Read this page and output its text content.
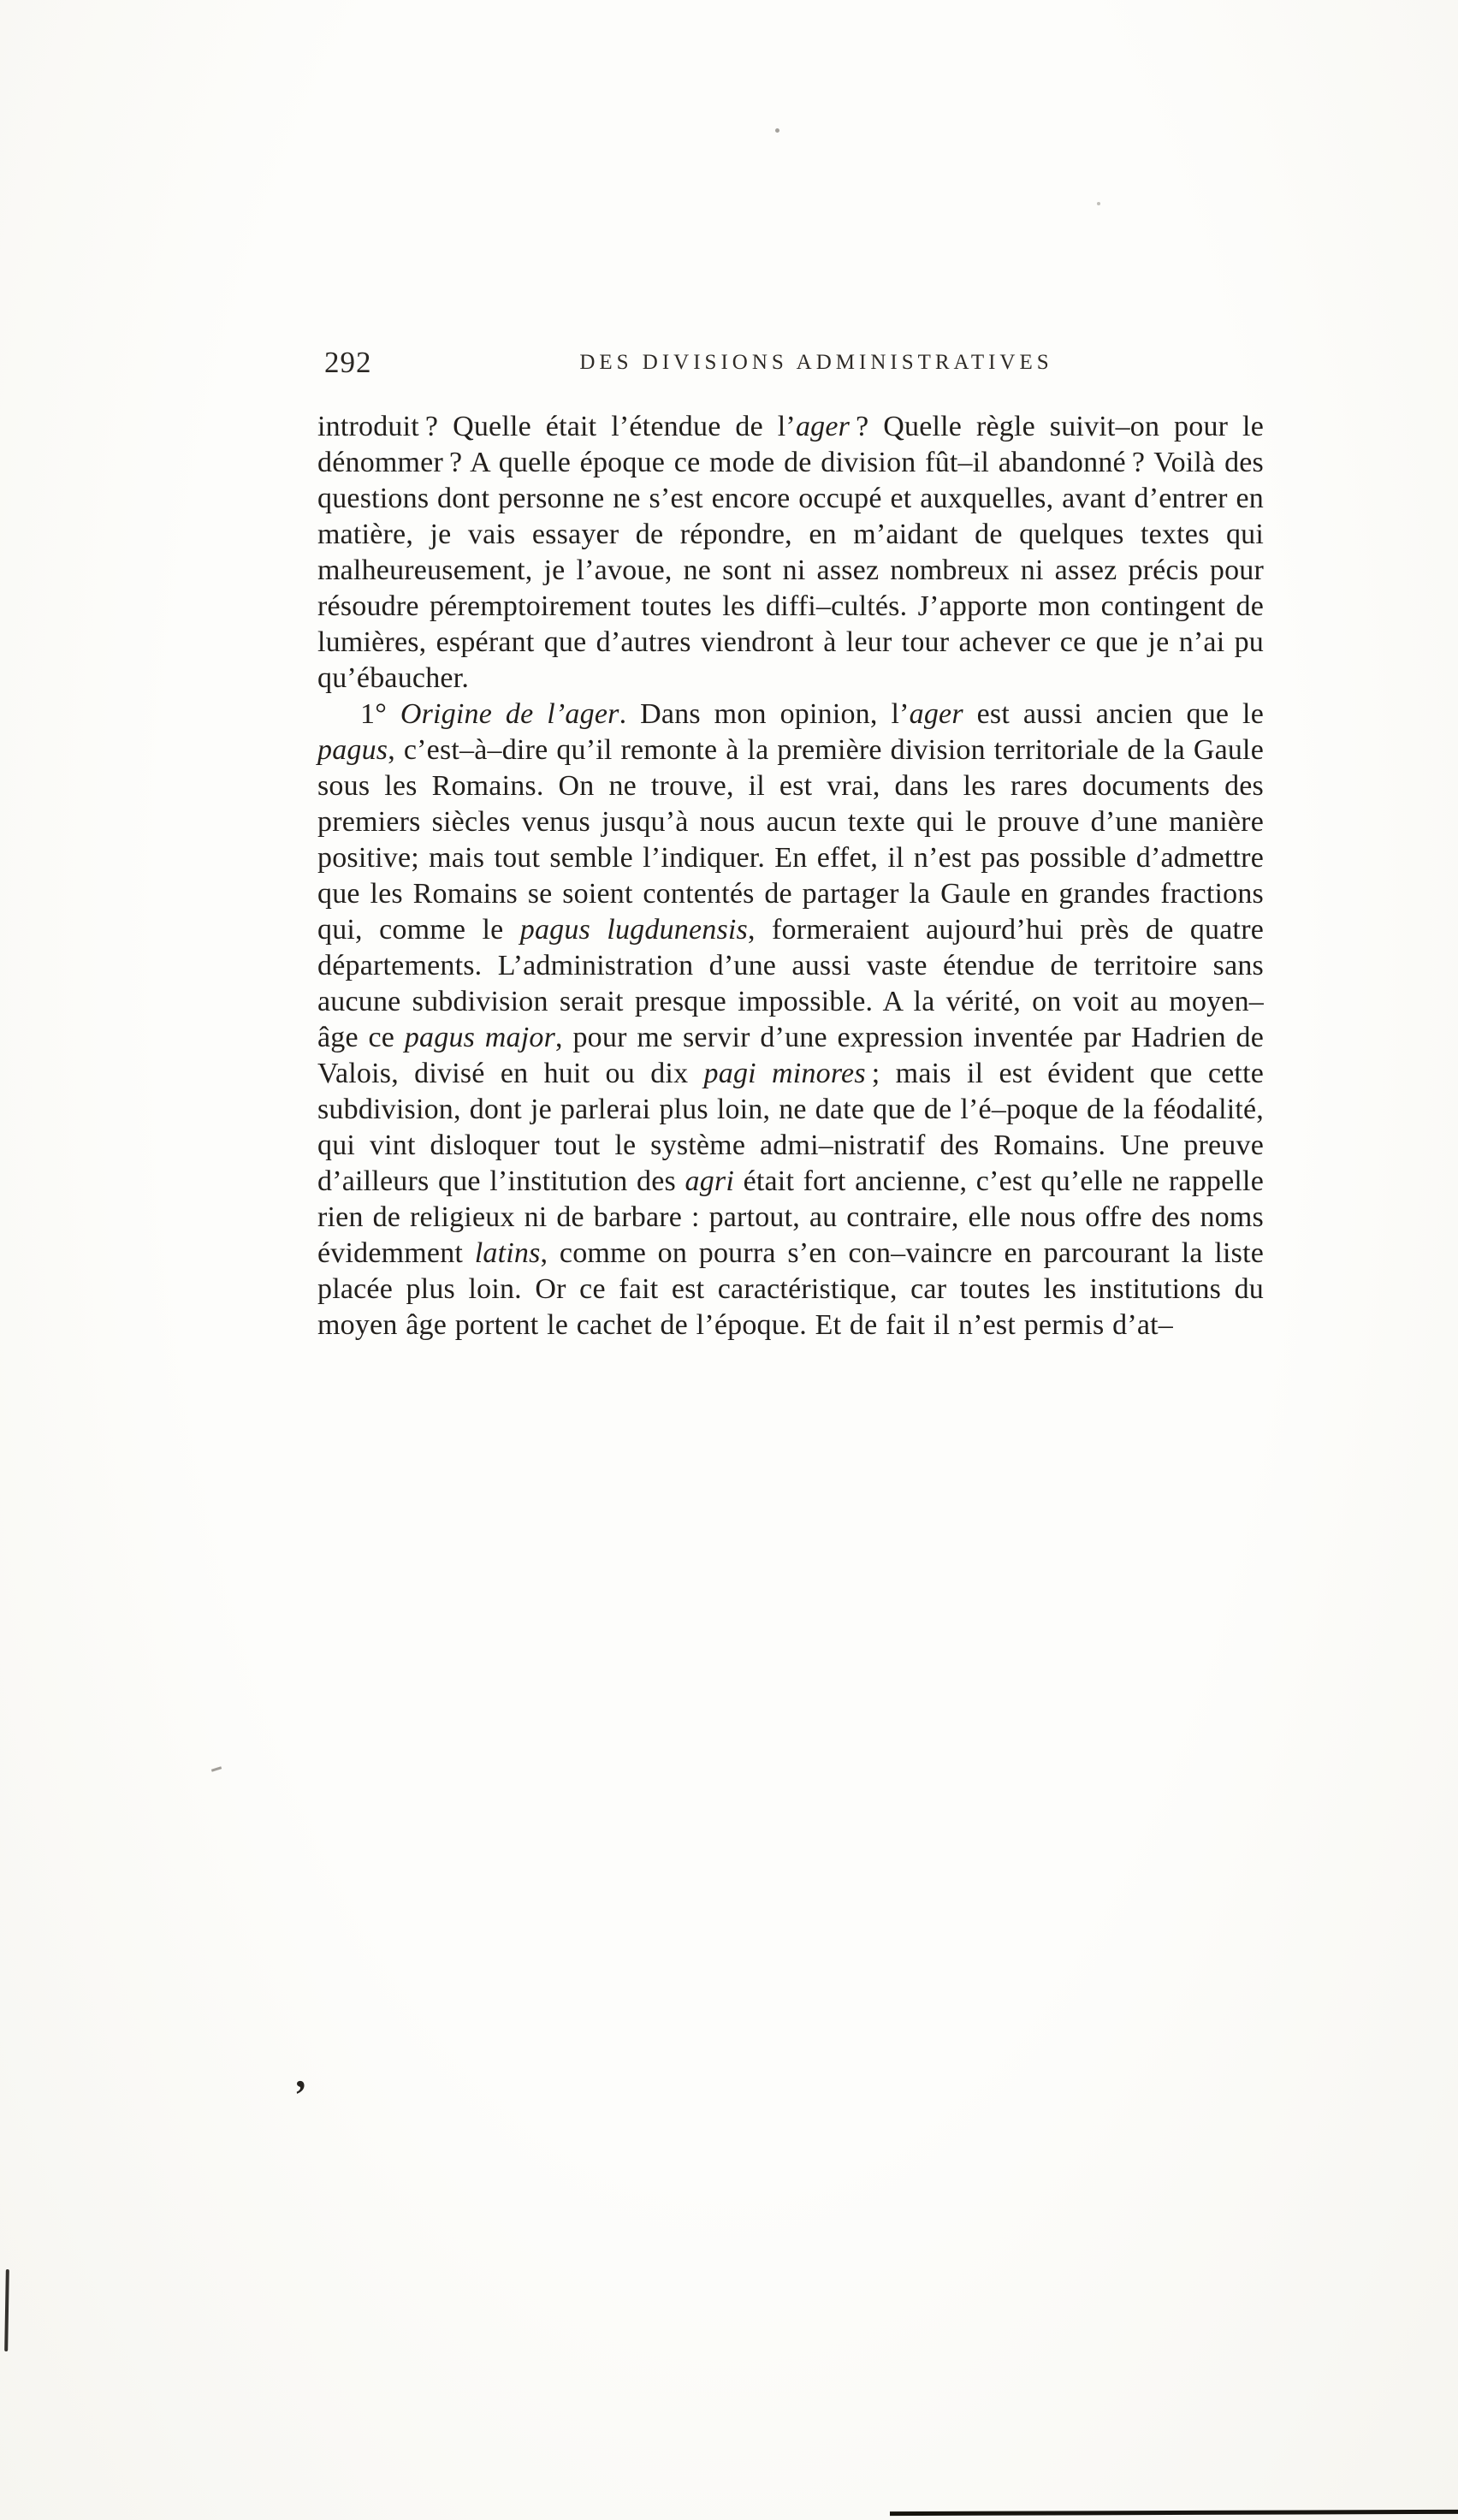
292	DES DIVISIONS ADMINISTRATIVES

introduit ? Quelle était l’étendue de l’ager ? Quelle règle suivit–on pour le dénommer ? A quelle époque ce mode de division fût–il abandonné ? Voilà des questions dont personne ne s’est encore occupé et auxquelles, avant d’entrer en matière, je vais essayer de répondre, en m’aidant de quelques textes qui malheureusement, je l’avoue, ne sont ni assez nombreux ni assez précis pour résoudre péremptoirement toutes les diffi–cultés. J’apporte mon contingent de lumières, espérant que d’autres viendront à leur tour achever ce que je n’ai pu qu’ébaucher.

1° Origine de l’ager. Dans mon opinion, l’ager est aussi ancien que le pagus, c’est–à–dire qu’il remonte à la première division territoriale de la Gaule sous les Romains. On ne trouve, il est vrai, dans les rares documents des premiers siècles venus jusqu’à nous aucun texte qui le prouve d’une manière positive; mais tout semble l’indiquer. En effet, il n’est pas possible d’admettre que les Romains se soient contentés de partager la Gaule en grandes fractions qui, comme le pagus lugdunensis, formeraient aujourd’hui près de quatre départements. L’administration d’une aussi vaste étendue de territoire sans aucune subdivision serait presque impossible. A la vérité, on voit au moyen–âge ce pagus major, pour me servir d’une expression inventée par Hadrien de Valois, divisé en huit ou dix pagi minores ; mais il est évident que cette subdivision, dont je parlerai plus loin, ne date que de l’é–poque de la féodalité, qui vint disloquer tout le système admi–nistratif des Romains. Une preuve d’ailleurs que l’institution des agri était fort ancienne, c’est qu’elle ne rappelle rien de religieux ni de barbare : partout, au contraire, elle nous offre des noms évidemment latins, comme on pourra s’en con–vaincre en parcourant la liste placée plus loin. Or ce fait est caractéristique, car toutes les institutions du moyen âge portent le cachet de l’époque. Et de fait il n’est permis d’at–

,
